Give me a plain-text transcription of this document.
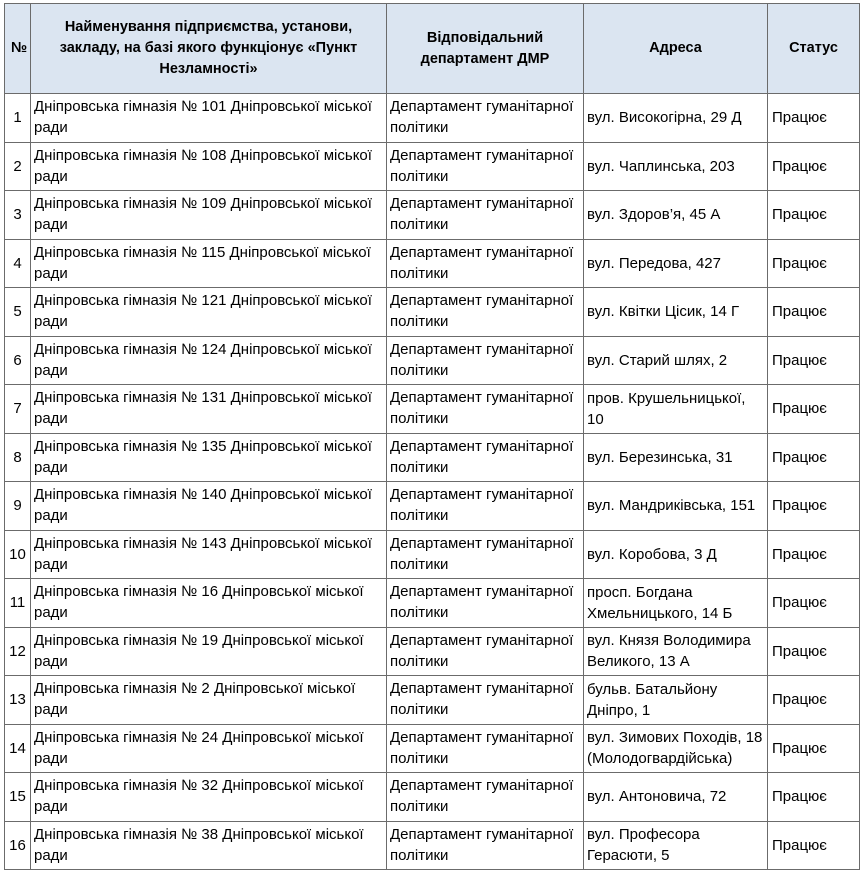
№	Найменування підприємства, установи, закладу, на базі якого функціонує «Пункт Незламності»	Відповідальний департамент ДМР	Адреса	Статус
1	Дніпровська гімназія № 101 Дніпровської міської ради	Департамент гуманітарної політики	вул. Високогірна, 29 Д	Працює
2	Дніпровська гімназія № 108 Дніпровської міської ради	Департамент гуманітарної політики	вул. Чаплинська, 203	Працює
3	Дніпровська гімназія № 109 Дніпровської міської ради	Департамент гуманітарної політики	вул. Здоров’я, 45 А	Працює
4	Дніпровська гімназія № 115 Дніпровської міської ради	Департамент гуманітарної політики	вул. Передова, 427	Працює
5	Дніпровська гімназія № 121 Дніпровської міської ради	Департамент гуманітарної політики	вул. Квітки Цісик, 14 Г	Працює
6	Дніпровська гімназія № 124 Дніпровської міської ради	Департамент гуманітарної політики	вул. Старий шлях, 2	Працює
7	Дніпровська гімназія № 131 Дніпровської міської ради	Департамент гуманітарної політики	пров. Крушельницької, 10	Працює
8	Дніпровська гімназія № 135 Дніпровської міської ради	Департамент гуманітарної політики	вул. Березинська, 31	Працює
9	Дніпровська гімназія № 140 Дніпровської міської ради	Департамент гуманітарної політики	вул. Мандриківська, 151	Працює
10	Дніпровська гімназія № 143 Дніпровської міської ради	Департамент гуманітарної політики	вул. Коробова, 3 Д	Працює
11	Дніпровська гімназія № 16 Дніпровської міської ради	Департамент гуманітарної політики	просп. Богдана Хмельницького, 14 Б	Працює
12	Дніпровська гімназія № 19 Дніпровської міської ради	Департамент гуманітарної політики	вул. Князя Володимира Великого, 13 А	Працює
13	Дніпровська гімназія № 2 Дніпровської міської ради	Департамент гуманітарної політики	бульв. Батальйону Дніпро, 1	Працює
14	Дніпровська гімназія № 24 Дніпровської міської ради	Департамент гуманітарної політики	вул. Зимових Походів, 18 (Молодогвардійська)	Працює
15	Дніпровська гімназія № 32 Дніпровської міської ради	Департамент гуманітарної політики	вул. Антоновича, 72	Працює
16	Дніпровська гімназія № 38 Дніпровської міської ради	Департамент гуманітарної політики	вул. Професора Герасюти, 5	Працює
